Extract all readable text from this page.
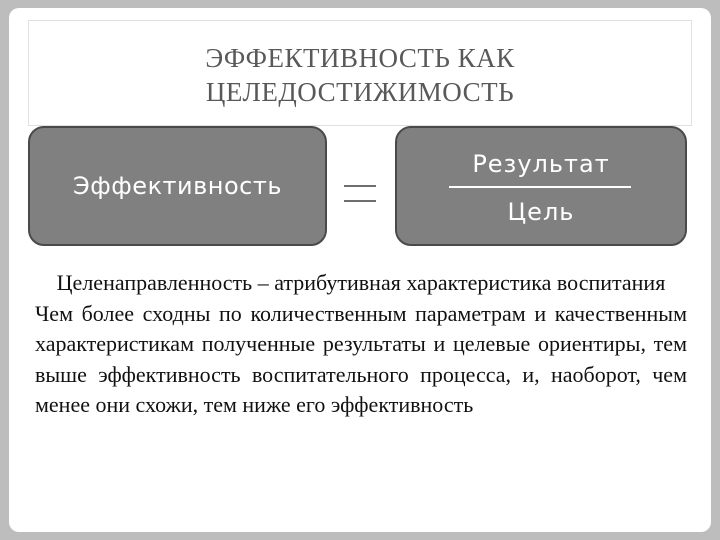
ЭФФЕКТИВНОСТЬ КАК
ЦЕЛЕДОСТИЖИМОСТЬ
Эффективность
Результат
Цель

Целенаправленность – атрибутивная характеристика воспитания

Чем более сходны по количественным параметрам и качественным характеристикам полученные результаты и целевые ориентиры, тем выше эффективность воспитательного процесса, и, наоборот, чем менее они схожи, тем ниже его эффективность
